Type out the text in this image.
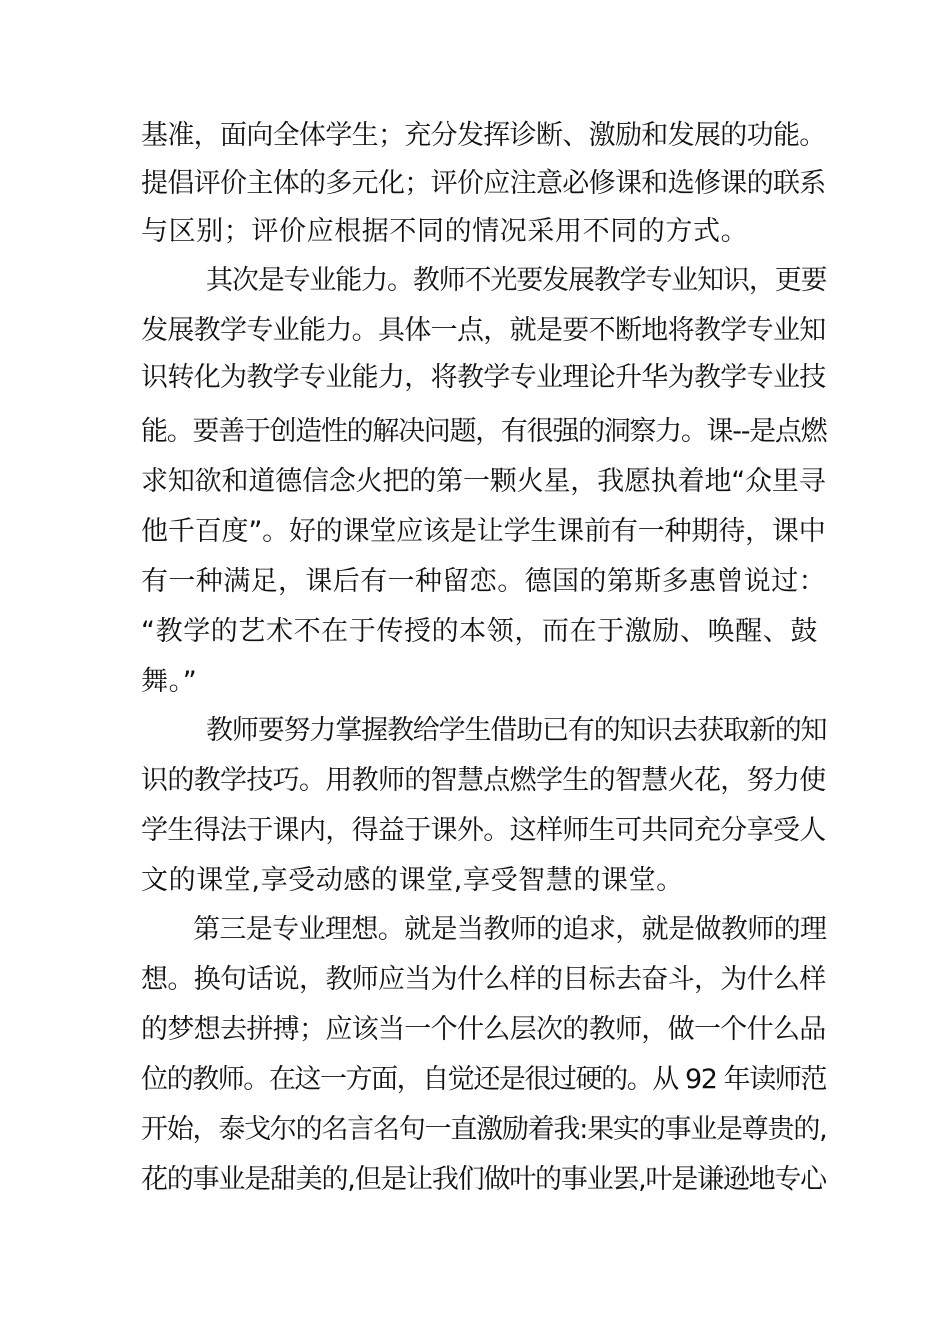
基准，面向全体学生；充分发挥诊断、激励和发展的功能。
提倡评价主体的多元化；评价应注意必修课和选修课的联系
与区别；评价应根据不同的情况采用不同的方式。
其次是专业能力。教师不光要发展教学专业知识，更要
发展教学专业能力。具体一点，就是要不断地将教学专业知
识转化为教学专业能力，将教学专业理论升华为教学专业技
能。要善于创造性的解决问题，有很强的洞察力。课--是点燃
求知欲和道德信念火把的第一颗火星，我愿执着地“众里寻
他千百度”。好的课堂应该是让学生课前有一种期待，课中
有一种满足，课后有一种留恋。德国的第斯多惠曾说过：
“教学的艺术不在于传授的本领，而在于激励、唤醒、鼓
舞。”
教师要努力掌握教给学生借助已有的知识去获取新的知
识的教学技巧。用教师的智慧点燃学生的智慧火花，努力使
学生得法于课内，得益于课外。这样师生可共同充分享受人
文的课堂,享受动感的课堂,享受智慧的课堂。
第三是专业理想。就是当教师的追求，就是做教师的理
想。换句话说，教师应当为什么样的目标去奋斗，为什么样
的梦想去拼搏；应该当一个什么层次的教师，做一个什么品
位的教师。在这一方面，自觉还是很过硬的。从 92 年读师范
开始，泰戈尔的名言名句一直激励着我:果实的事业是尊贵的,
花的事业是甜美的,但是让我们做叶的事业罢,叶是谦逊地专心
